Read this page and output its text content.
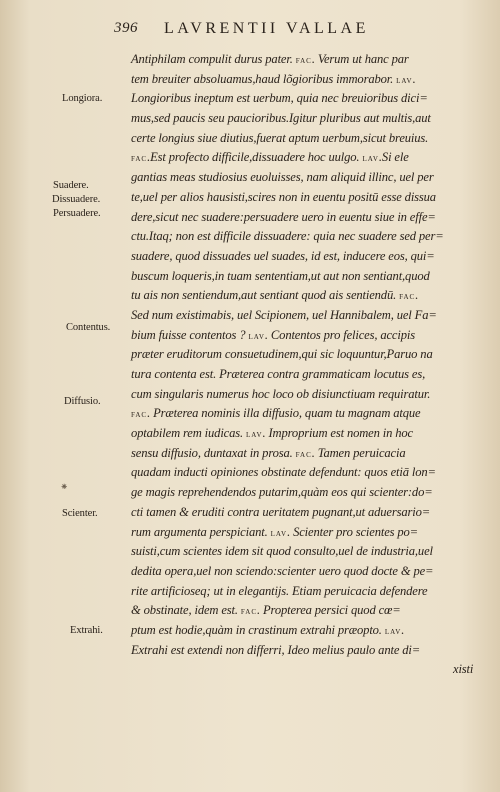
396 LAVRENTII VALLAE
Longiora.
Suadere.
Dissuadere.
Persuadere.
Contentus.
Diffusio.
⁕
Scienter.
Extrahi.
Antiphilam compulit durus pater. fac. Verum ut hanc par
tem breuiter absoluamus,haud lõgioribus immorabor. lav.
Longioribus ineptum est uerbum, quia nec breuioribus dici=
mus,sed paucis seu paucioribus.Igitur pluribus aut multis,aut
certe longius siue diutius,fuerat aptum uerbum,sicut breuius.
fac.Est profecto difficile,dissuadere hoc uulgo. lav.Si ele
gantias meas studiosius euoluisses, nam aliquid illinc, uel per
te,uel per alios hausisti,scires non in euentu positū esse dissua
dere,sicut nec suadere:persuadere uero in euentu siue in effe=
ctu.Itaq; non est difficile dissuadere: quia nec suadere sed per=
suadere, quod dissuades uel suades, id est, inducere eos, qui=
buscum loqueris,in tuam sententiam,ut aut non sentiant,quod
tu ais non sentiendum,aut sentiant quod ais sentiendū. fac.
Sed num existimabis, uel Scipionem, uel Hannibalem, uel Fa=
bium fuisse contentos ? lav. Contentos pro felices, accipis
præter eruditorum consuetudinem,qui sic loquuntur,Paruo na
tura contenta est. Præterea contra grammaticam locutus es,
cum singularis numerus hoc loco ob disiunctiuam requiratur.
fac. Præterea nominis illa diffusio, quam tu magnam atque
optabilem rem iudicas. lav. Improprium est nomen in hoc
sensu diffusio, duntaxat in prosa. fac. Tamen peruicacia
quadam inducti opiniones obstinate defendunt: quos etiā lon=
ge magis reprehendendos putarim,quàm eos qui scienter:do=
cti tamen & eruditi contra ueritatem pugnant,ut aduersario=
rum argumenta perspiciant. lav. Scienter pro scientes po=
suisti,cum scientes idem sit quod consulto,uel de industria,uel
dedita opera,uel non sciendo:scienter uero quod docte & pe=
rite artificioseq; ut in elegantijs. Etiam peruicacia defendere
& obstinate, idem est. fac. Propterea persici quod cœ=
ptum est hodie,quàm in crastinum extrahi præopto. lav.
Extrahi est extendi non differri, Ideo melius paulo ante di=
xisti
